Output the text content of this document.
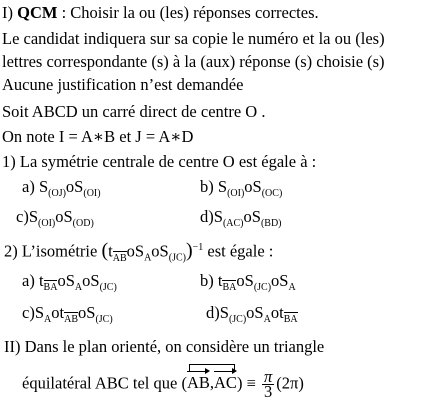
I) QCM : Choisir la ou (les) réponses correctes.
Le candidat indiquera sur sa copie le numéro et la ou (les)
lettres correspondante (s) à la (aux) réponse (s) choisie (s)
Aucune justification n’est demandée
Soit ABCD un carré direct de centre O .
On note I = A∗B et J = A∗D
1) La symétrie centrale de centre O est égale à :
a) $S_{(OJ)}oS_{(OI)}$	b) $S_{(OI)}oS_{(OC)}$
$c)S_{(OI)}oS_{(OD)}$	$d)S_{(AC)}oS_{(BD)}$
2) L’isométrie $(tABoS_AoS_{(JC)})^{-1}$ est égale :
a) $tBAoS_AoS_{(JC)}$	b) $tBAoS_{(JC)}oS_A$
$c)S_AotABoS_{(JC)}$	$d)S_{(JC)}oS_AotBA$
II) Dans le plan orienté, on considère un triangle
équilatéral ABC tel que (
$AB,AC) \equiv \frac{\pi}{3} (2\pi)$
